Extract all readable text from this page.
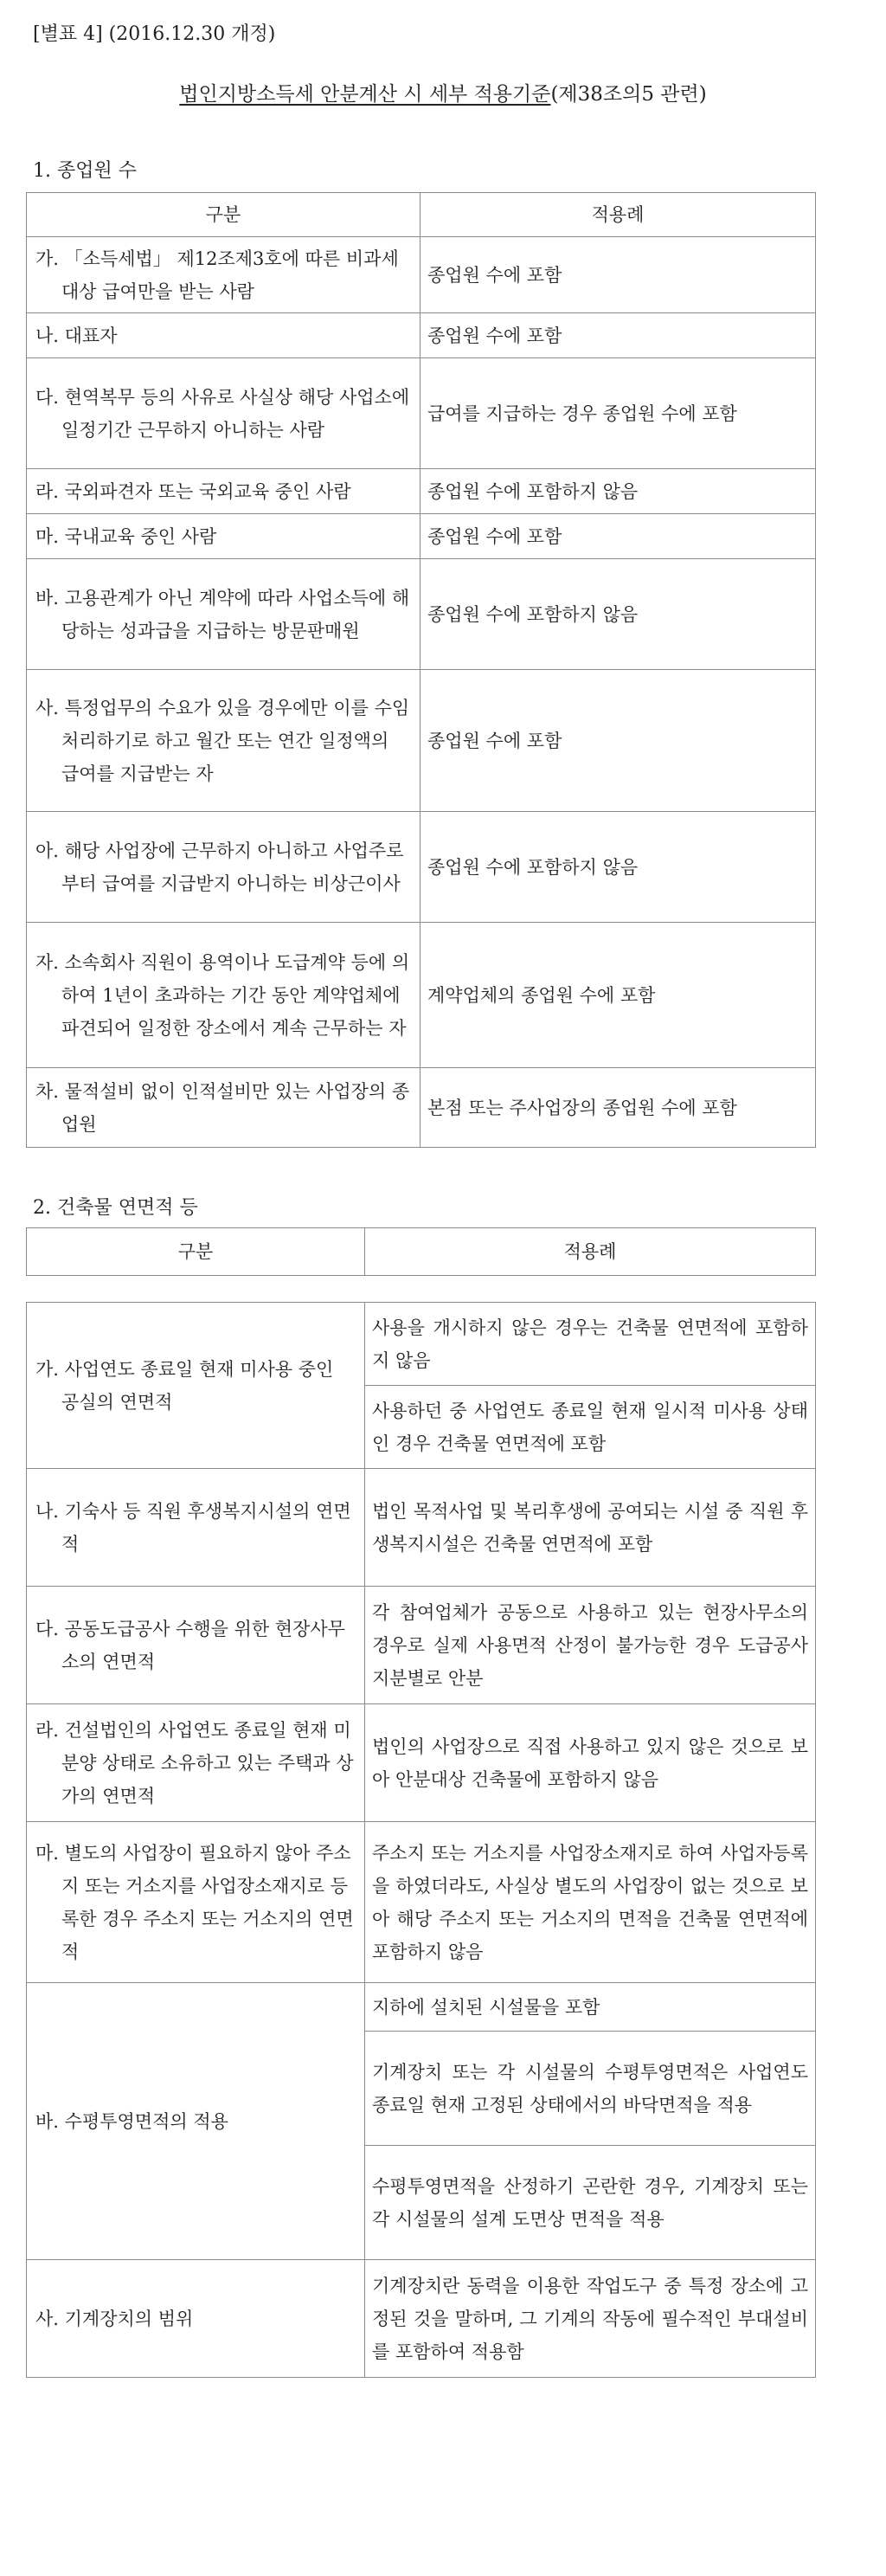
[별표 4] (2016.12.30 개정)
법인지방소득세 안분계산 시 세부 적용기준(제38조의5 관련)
1. 종업원 수
구분	적용례
가. 「소득세법」 제12조제3호에 따른 비과세 대상 급여만을 받는 사람	종업원 수에 포함
나. 대표자	종업원 수에 포함
다. 현역복무 등의 사유로 사실상 해당 사업소에 일정기간 근무하지 아니하는 사람	급여를 지급하는 경우 종업원 수에 포함
라. 국외파견자 또는 국외교육 중인 사람	종업원 수에 포함하지 않음
마. 국내교육 중인 사람	종업원 수에 포함
바. 고용관계가 아닌 계약에 따라 사업소득에 해당하는 성과급을 지급하는 방문판매원	종업원 수에 포함하지 않음
사. 특정업무의 수요가 있을 경우에만 이를 수임 처리하기로 하고 월간 또는 연간 일정액의 급여를 지급받는 자	종업원 수에 포함
아. 해당 사업장에 근무하지 아니하고 사업주로부터 급여를 지급받지 아니하는 비상근이사	종업원 수에 포함하지 않음
자. 소속회사 직원이 용역이나 도급계약 등에 의하여 1년이 초과하는 기간 동안 계약업체에 파견되어 일정한 장소에서 계속 근무하는 자	계약업체의 종업원 수에 포함
차. 물적설비 없이 인적설비만 있는 사업장의 종업원	본점 또는 주사업장의 종업원 수에 포함
2. 건축물 연면적 등
구분	적용례
가. 사업연도 종료일 현재 미사용 중인 공실의 연면적	사용을 개시하지 않은 경우는 건축물 연면적에 포함하지 않음
	사용하던 중 사업연도 종료일 현재 일시적 미사용 상태인 경우 건축물 연면적에 포함
나. 기숙사 등 직원 후생복지시설의 연면적	법인 목적사업 및 복리후생에 공여되는 시설 중 직원 후생복지시설은 건축물 연면적에 포함
다. 공동도급공사 수행을 위한 현장사무소의 연면적	각 참여업체가 공동으로 사용하고 있는 현장사무소의 경우로 실제 사용면적 산정이 불가능한 경우 도급공사 지분별로 안분
라. 건설법인의 사업연도 종료일 현재 미분양 상태로 소유하고 있는 주택과 상가의 연면적	법인의 사업장으로 직접 사용하고 있지 않은 것으로 보아 안분대상 건축물에 포함하지 않음
마. 별도의 사업장이 필요하지 않아 주소지 또는 거소지를 사업장소재지로 등록한 경우 주소지 또는 거소지의 연면적	주소지 또는 거소지를 사업장소재지로 하여 사업자등록을 하였더라도, 사실상 별도의 사업장이 없는 것으로 보아 해당 주소지 또는 거소지의 면적을 건축물 연면적에 포함하지 않음
바. 수평투영면적의 적용	지하에 설치된 시설물을 포함
	기계장치 또는 각 시설물의 수평투영면적은 사업연도 종료일 현재 고정된 상태에서의 바닥면적을 적용
	수평투영면적을 산정하기 곤란한 경우, 기계장치 또는 각 시설물의 설계 도면상 면적을 적용
사. 기계장치의 범위	기계장치란 동력을 이용한 작업도구 중 특정 장소에 고정된 것을 말하며, 그 기계의 작동에 필수적인 부대설비를 포함하여 적용함
